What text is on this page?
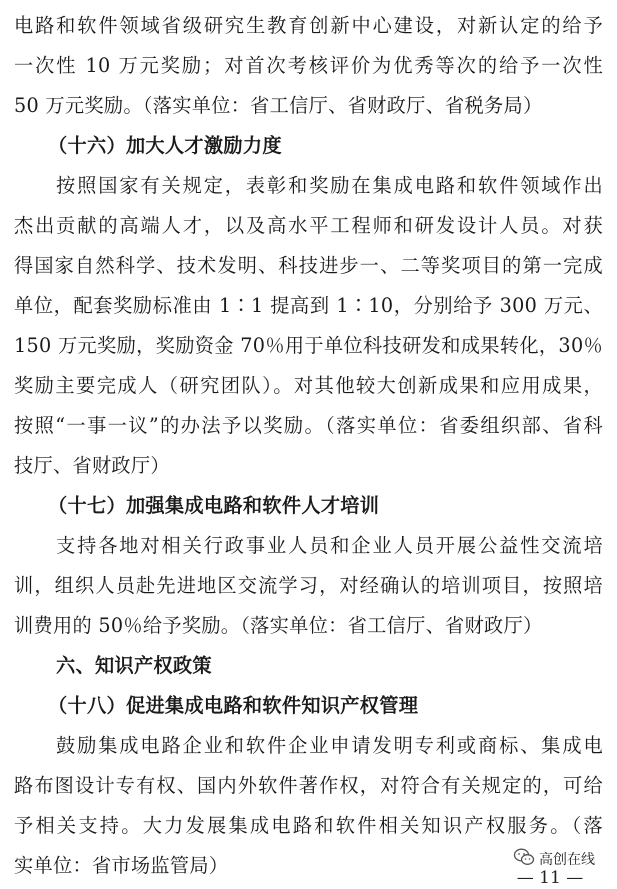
电路和软件领域省级研究生教育创新中心建设，对新认定的给予
一次性 10 万元奖励；对首次考核评价为优秀等次的给予一次性
50 万元奖励。（落实单位：省工信厅、省财政厅、省税务局）
（十六）加大人才激励力度
按照国家有关规定，表彰和奖励在集成电路和软件领域作出
杰出贡献的高端人才，以及高水平工程师和研发设计人员。对获
得国家自然科学、技术发明、科技进步一、二等奖项目的第一完成
单位，配套奖励标准由 1∶1 提高到 1∶10，分别给予 300 万元、
150 万元奖励，奖励资金 70％用于单位科技研发和成果转化，30％
奖励主要完成人（研究团队）。对其他较大创新成果和应用成果，
按照“一事一议”的办法予以奖励。（落实单位：省委组织部、省科
技厅、省财政厅）
（十七）加强集成电路和软件人才培训
支持各地对相关行政事业人员和企业人员开展公益性交流培
训，组织人员赴先进地区交流学习，对经确认的培训项目，按照培
训费用的 50％给予奖励。（落实单位：省工信厅、省财政厅）
六、知识产权政策
（十八）促进集成电路和软件知识产权管理
鼓励集成电路企业和软件企业申请发明专利或商标、集成电
路布图设计专有权、国内外软件著作权，对符合有关规定的，可给
予相关支持。大力发展集成电路和软件相关知识产权服务。（落
实单位：省市场监管局）	高创在线
— 11 —
